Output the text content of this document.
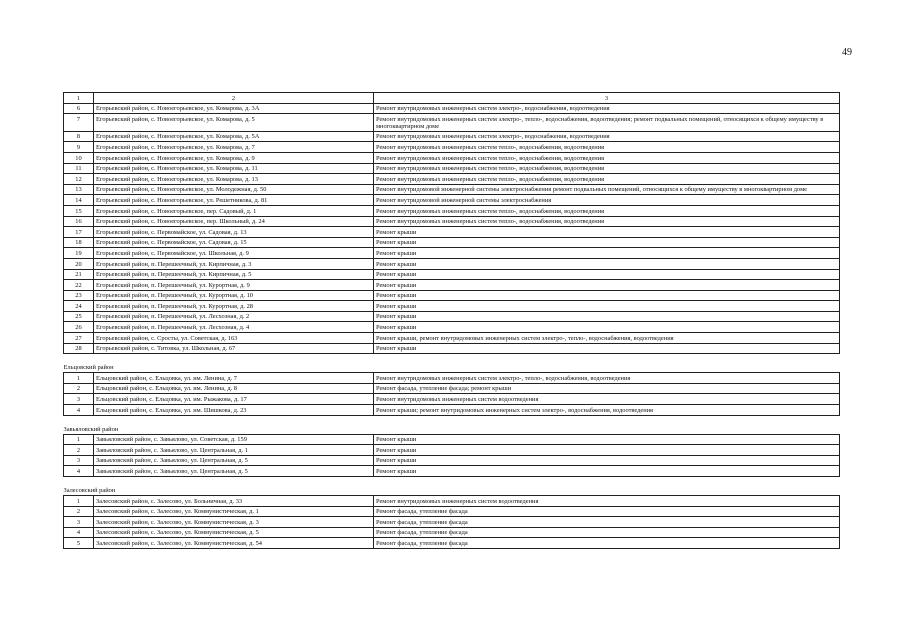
49
1	2	3
6	Егорьевский район, с. Новоегорьевское, ул. Комарова, д. 3А	Ремонт внутридомовых инженерных систем электро-, водоснабжения, водоотведения
7	Егорьевский район, с. Новоегорьевское, ул. Комарова, д. 5	Ремонт внутридомовых инженерных систем электро-, тепло-, водоснабжения, водоотведения; ремонт подвальных помещений, относящихся к общему имуществу в многоквартирном доме
8	Егорьевский район, с. Новоегорьевское, ул. Комарова, д. 5А	Ремонт внутридомовых инженерных систем электро-, водоснабжения, водоотведения
9	Егорьевский район, с. Новоегорьевское, ул. Комарова, д. 7	Ремонт внутридомовых инженерных систем тепло-, водоснабжения, водоотведения
10	Егорьевский район, с. Новоегорьевское, ул. Комарова, д. 9	Ремонт внутридомовых инженерных систем тепло-, водоснабжения, водоотведения
11	Егорьевский район, с. Новоегорьевское, ул. Комарова, д. 11	Ремонт внутридомовых инженерных систем тепло-, водоснабжения, водоотведения
12	Егорьевский район, с. Новоегорьевское, ул. Комарова, д. 13	Ремонт внутридомовых инженерных систем тепло-, водоснабжения, водоотведения
13	Егорьевский район, с. Новоегорьевское, ул. Молодежная, д. 50	Ремонт внутридомовой инженерной системы электроснабжения ремонт подвальных помещений, относящихся к общему имуществу в многоквартирном доме
14	Егорьевский район, с. Новоегорьевское, ул. Решетникова, д. 81	Ремонт внутридомовой инженерной системы электроснабжения
15	Егорьевский район, с. Новоегорьевское, пер. Садовый, д. 1	Ремонт внутридомовых инженерных систем тепло-, водоснабжения, водоотведения
16	Егорьевский район, с. Новоегорьевское, пер. Школьный, д. 24	Ремонт внутридомовых инженерных систем тепло-, водоснабжения, водоотведения
17	Егорьевский район, с. Первомайское, ул. Садовая, д. 13	Ремонт крыши
18	Егорьевский район, с. Первомайское, ул. Садовая, д. 15	Ремонт крыши
19	Егорьевский район, с. Первомайское, ул. Школьная, д. 9	Ремонт крыши
20	Егорьевский район, п. Перешеечный, ул. Кирпичная, д. 3	Ремонт крыши
21	Егорьевский район, п. Перешеечный, ул. Кирпичная, д. 5	Ремонт крыши
22	Егорьевский район, п. Перешеечный, ул. Курортная, д. 9	Ремонт крыши
23	Егорьевский район, п. Перешеечный, ул. Курортная, д. 10	Ремонт крыши
24	Егорьевский район, п. Перешеечный, ул. Курортная, д. 28	Ремонт крыши
25	Егорьевский район, п. Перешеечный, ул. Лесхозная, д. 2	Ремонт крыши
26	Егорьевский район, п. Перешеечный, ул. Лесхозная, д. 4	Ремонт крыши
27	Егорьевский район, с. Сросты, ул. Советская, д. 163	Ремонт крыши, ремонт внутридомовых инженерных систем электро-, тепло-, водоснабжения, водоотведения
28	Егорьевский район, с. Титовка, ул. Школьная, д. 67	Ремонт крыши

Ельцовский район		
1	Ельцовский район, с. Ельцовка, ул. им. Ленина, д. 7	Ремонт внутридомовых инженерных систем электро-, тепло-, водоснабжения, водоотведения
2	Ельцовский район, с. Ельцовка, ул. им. Ленина, д. 8	Ремонт фасада, утепление фасада; ремонт крыши
3	Ельцовский район, с. Ельцовка, ул. им. Рыжакова, д. 17	Ремонт внутридомовых инженерных систем водоотведения
4	Ельцовский район, с. Ельцовка, ул. им. Шишкова, д. 23	Ремонт крыши; ремонт внутридомовых инженерных систем электро-, водоснабжения, водоотведения

Завьяловский район		
1	Завьяловский район, с. Завьялово, ул. Советская, д. 159	Ремонт крыши
2	Завьяловский район, с. Завьялово, ул. Центральная, д. 1	Ремонт крыши
3	Завьяловский район, с. Завьялово, ул. Центральная, д. 5	Ремонт крыши
4	Завьяловский район, с. Завьялово, ул. Центральная, д. 5	Ремонт крыши

Залесовский район		
1	Залесовский район, с. Залесово, ул. Больничная, д. 33	Ремонт внутридомовых инженерных систем водоотведения
2	Залесовский район, с. Залесово, ул. Коммунистическая, д. 1	Ремонт фасада, утепление фасада
3	Залесовский район, с. Залесово, ул. Коммунистическая, д. 3	Ремонт фасада, утепление фасада
4	Залесовский район, с. Залесово, ул. Коммунистическая, д. 5	Ремонт фасада, утепление фасада
5	Залесовский район, с. Залесово, ул. Коммунистическая, д. 54	Ремонт фасада, утепление фасада
